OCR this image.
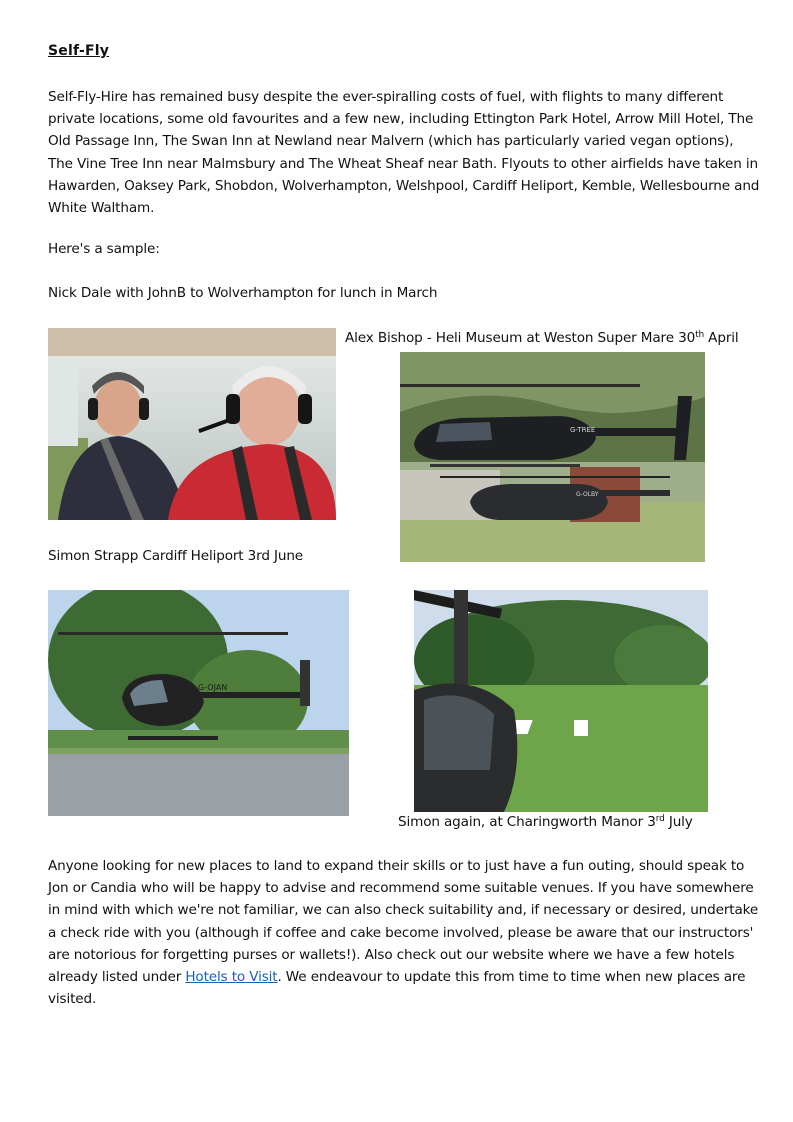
Self-Fly
Self-Fly-Hire has remained busy despite the ever-spiralling costs of fuel, with flights to many different private locations, some old favourites and a few new, including Ettington Park Hotel, Arrow Mill Hotel, The Old Passage Inn, The Swan Inn at Newland near Malvern (which has particularly varied vegan options), The Vine Tree Inn near Malmsbury and The Wheat Sheaf near Bath. Flyouts to other airfields have taken in Hawarden, Oaksey Park, Shobdon, Wolverhampton, Welshpool, Cardiff Heliport, Kemble, Wellesbourne and White Waltham.
Here's a sample:
Nick Dale with JohnB to Wolverhampton for lunch in March
Alex Bishop - Heli Museum at Weston Super Mare 30th April
G-TREE
G-OLBY
Simon Strapp Cardiff Heliport 3rd June
G-OJAN
Simon again, at Charingworth Manor 3rd July
Anyone looking for new places to land to expand their skills or to just have a fun outing, should speak to Jon or Candia who will be happy to advise and recommend some suitable venues. If you have somewhere in mind with which we're not familiar, we can also check suitability and, if necessary or desired, undertake a check ride with you (although if coffee and cake become involved, please be aware that our instructors' are notorious for forgetting purses or wallets!). Also check out our website where we have a few hotels already listed under Hotels to Visit. We endeavour to update this from time to time when new places are visited.
